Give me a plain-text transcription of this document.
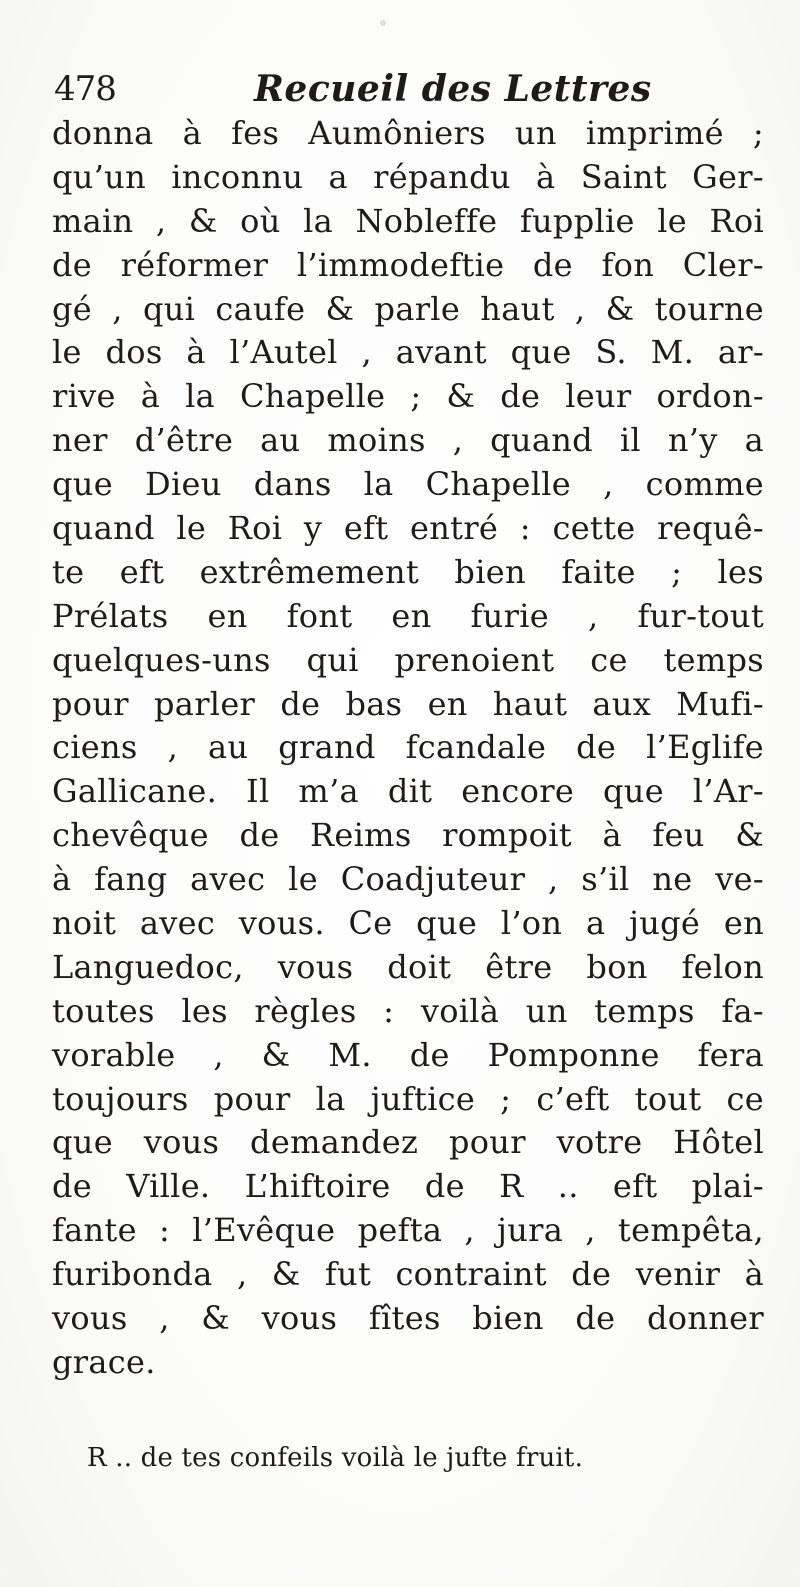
478	Recueil des Lettres
donna à fes Aumôniers un imprimé ;
qu’un inconnu a répandu à Saint Ger-
main , & où la Nobleffe fupplie le Roi
de réformer l’immodeftie de fon Cler-
gé , qui caufe & parle haut , & tourne
le dos à l’Autel , avant que S. M. ar-
rive à la Chapelle ; & de leur ordon-
ner d’être au moins , quand il n’y a
que Dieu dans la Chapelle , comme
quand le Roi y eft entré : cette requê-
te eft extrêmement bien faite ; les
Prélats en font en furie , fur-tout
quelques-uns qui prenoient ce temps
pour parler de bas en haut aux Mufi-
ciens , au grand fcandale de l’Eglife
Gallicane. Il m’a dit encore que l’Ar-
chevêque de Reims rompoit à feu &
à fang avec le Coadjuteur , s’il ne ve-
noit avec vous. Ce que l’on a jugé en
Languedoc, vous doit être bon felon
toutes les règles : voilà un temps fa-
vorable , & M. de Pomponne fera
toujours pour la juftice ; c’eft tout ce
que vous demandez pour votre Hôtel
de Ville. L’hiftoire de R .. eft plai-
fante : l’Evêque pefta , jura , tempêta,
furibonda , & fut contraint de venir à
vous , & vous fîtes bien de donner
grace.
R .. de tes confeils voilà le jufte fruit.
